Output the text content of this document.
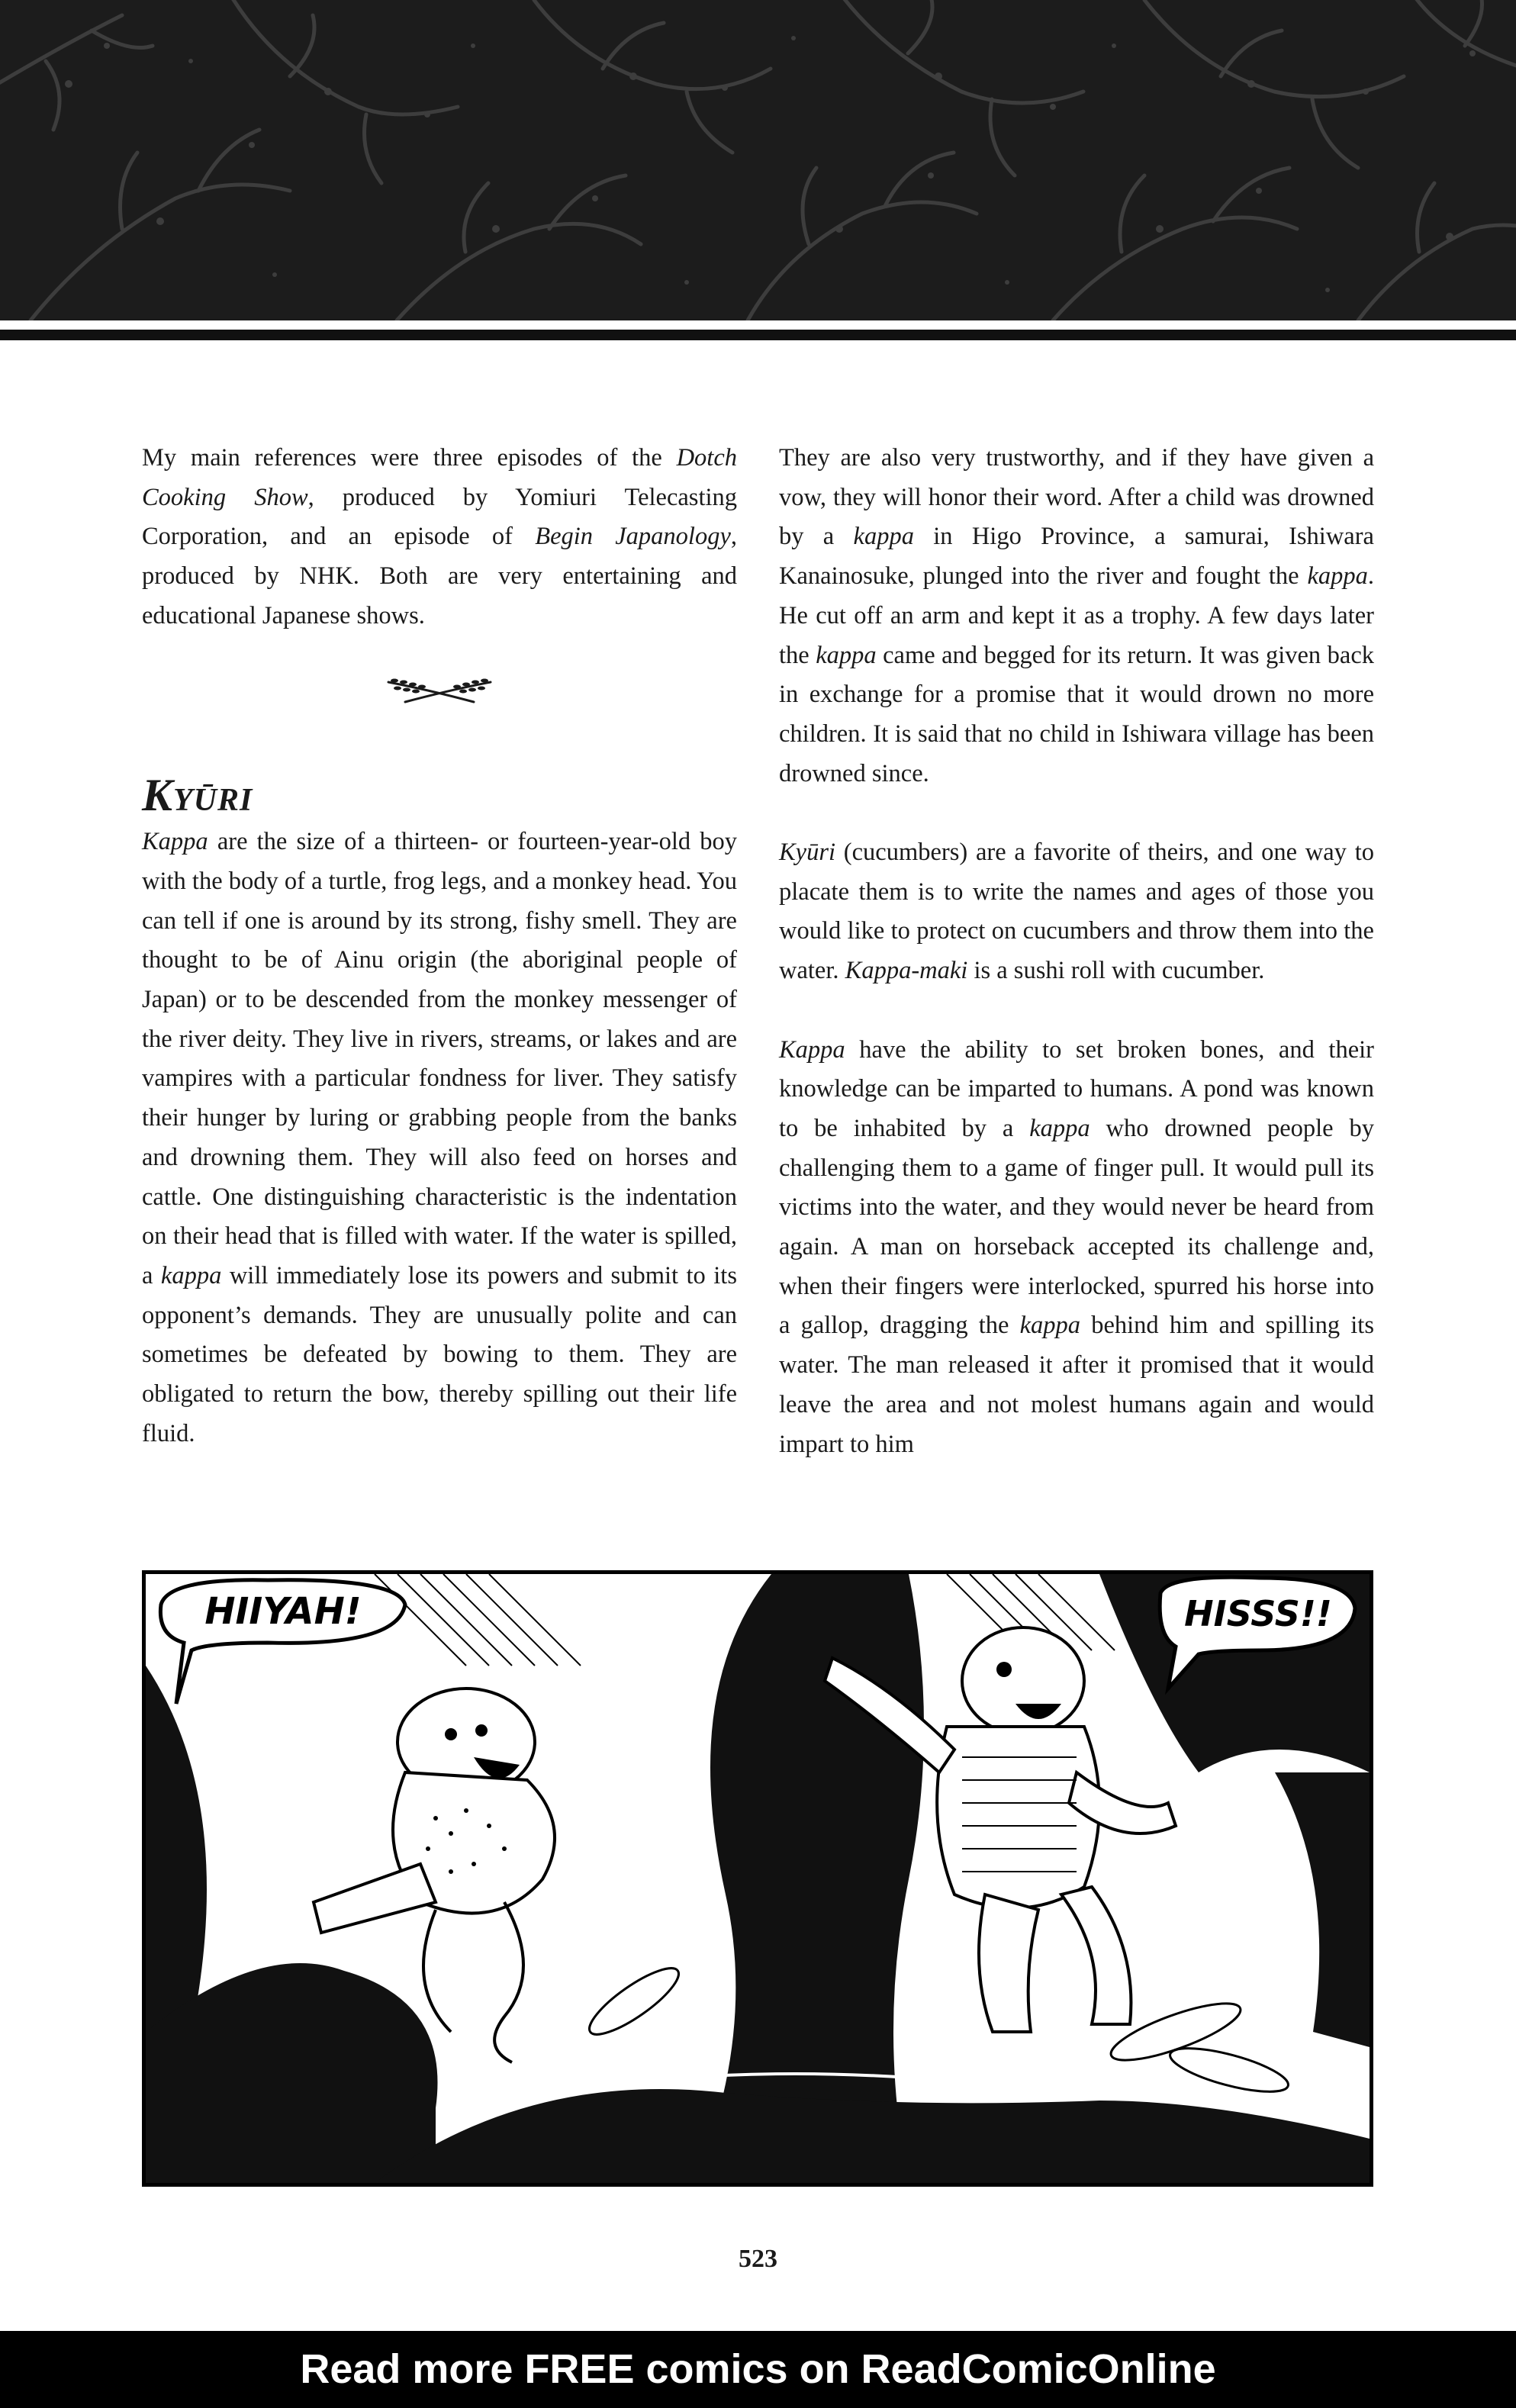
My main references were three episodes of the Dotch Cooking Show, produced by Yomiuri Telecasting Corporation, and an episode of Begin Japanology, produced by NHK. Both are very entertaining and educational Japanese shows.

Kyūri

Kappa are the size of a thirteen- or fourteen-year-old boy with the body of a turtle, frog legs, and a monkey head. You can tell if one is around by its strong, fishy smell. They are thought to be of Ainu origin (the aboriginal people of Japan) or to be descended from the monkey messenger of the river deity. They live in rivers, streams, or lakes and are vampires with a particular fondness for liver. They satisfy their hunger by luring or grabbing people from the banks and drowning them. They will also feed on horses and cattle. One distinguishing characteristic is the indentation on their head that is filled with water. If the water is spilled, a kappa will immediately lose its powers and submit to its opponent’s demands. They are unusually polite and can sometimes be defeated by bowing to them. They are obligated to return the bow, thereby spilling out their life fluid.

They are also very trustworthy, and if they have given a vow, they will honor their word. After a child was drowned by a kappa in Higo Province, a samurai, Ishiwara Kanainosuke, plunged into the river and fought the kappa. He cut off an arm and kept it as a trophy. A few days later the kappa came and begged for its return. It was given back in exchange for a promise that it would drown no more children. It is said that no child in Ishiwara village has been drowned since.

Kyūri (cucumbers) are a favorite of theirs, and one way to placate them is to write the names and ages of those you would like to protect on cucumbers and throw them into the water. Kappa-maki is a sushi roll with cucumber.

Kappa have the ability to set broken bones, and their knowledge can be imparted to humans. A pond was known to be inhabited by a kappa who drowned people by challenging them to a game of finger pull. It would pull its victims into the water, and they would never be heard from again. A man on horseback accepted its challenge and, when their fingers were interlocked, spurred his horse into a gallop, dragging the kappa behind him and spilling its water. The man released it after it promised that it would leave the area and not molest humans again and would impart to him

HIIYAH!	HISSS!!
523
Read more FREE comics on ReadComicOnline
